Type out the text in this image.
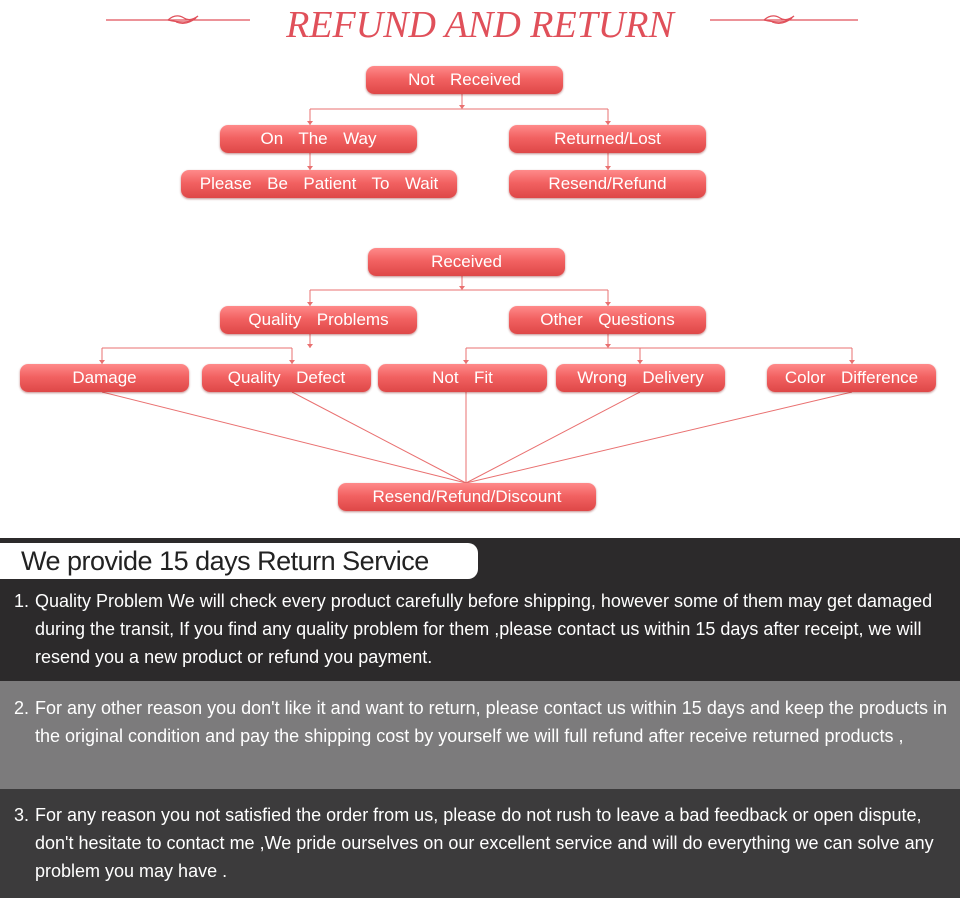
REFUND AND RETURN
Not  Received
On  The  Way	Returned/Lost
Please  Be  Patient  To  Wait	Resend/Refund
Received
Quality  Problems	Other  Questions
Damage	Quality  Defect	Not  Fit	Wrong  Delivery	Color  Difference
Resend/Refund/Discount
We provide 15 days Return Service
1. Quality Problem We will check every product carefully before shipping, however some of them may get damaged during the transit, If you find any quality problem for them ,please contact us within 15 days after receipt, we will resend you a new product or refund you payment.
2. For any other reason you don't like it and want to return, please contact us within 15 days and keep the products in the original condition and pay the shipping cost by yourself we will full refund after receive returned products ,
3. For any reason you not satisfied the order from us, please do not rush to leave a bad feedback or open dispute, don't hesitate to contact me ,We pride ourselves on our excellent service and will do everything we can solve any problem you may have .
